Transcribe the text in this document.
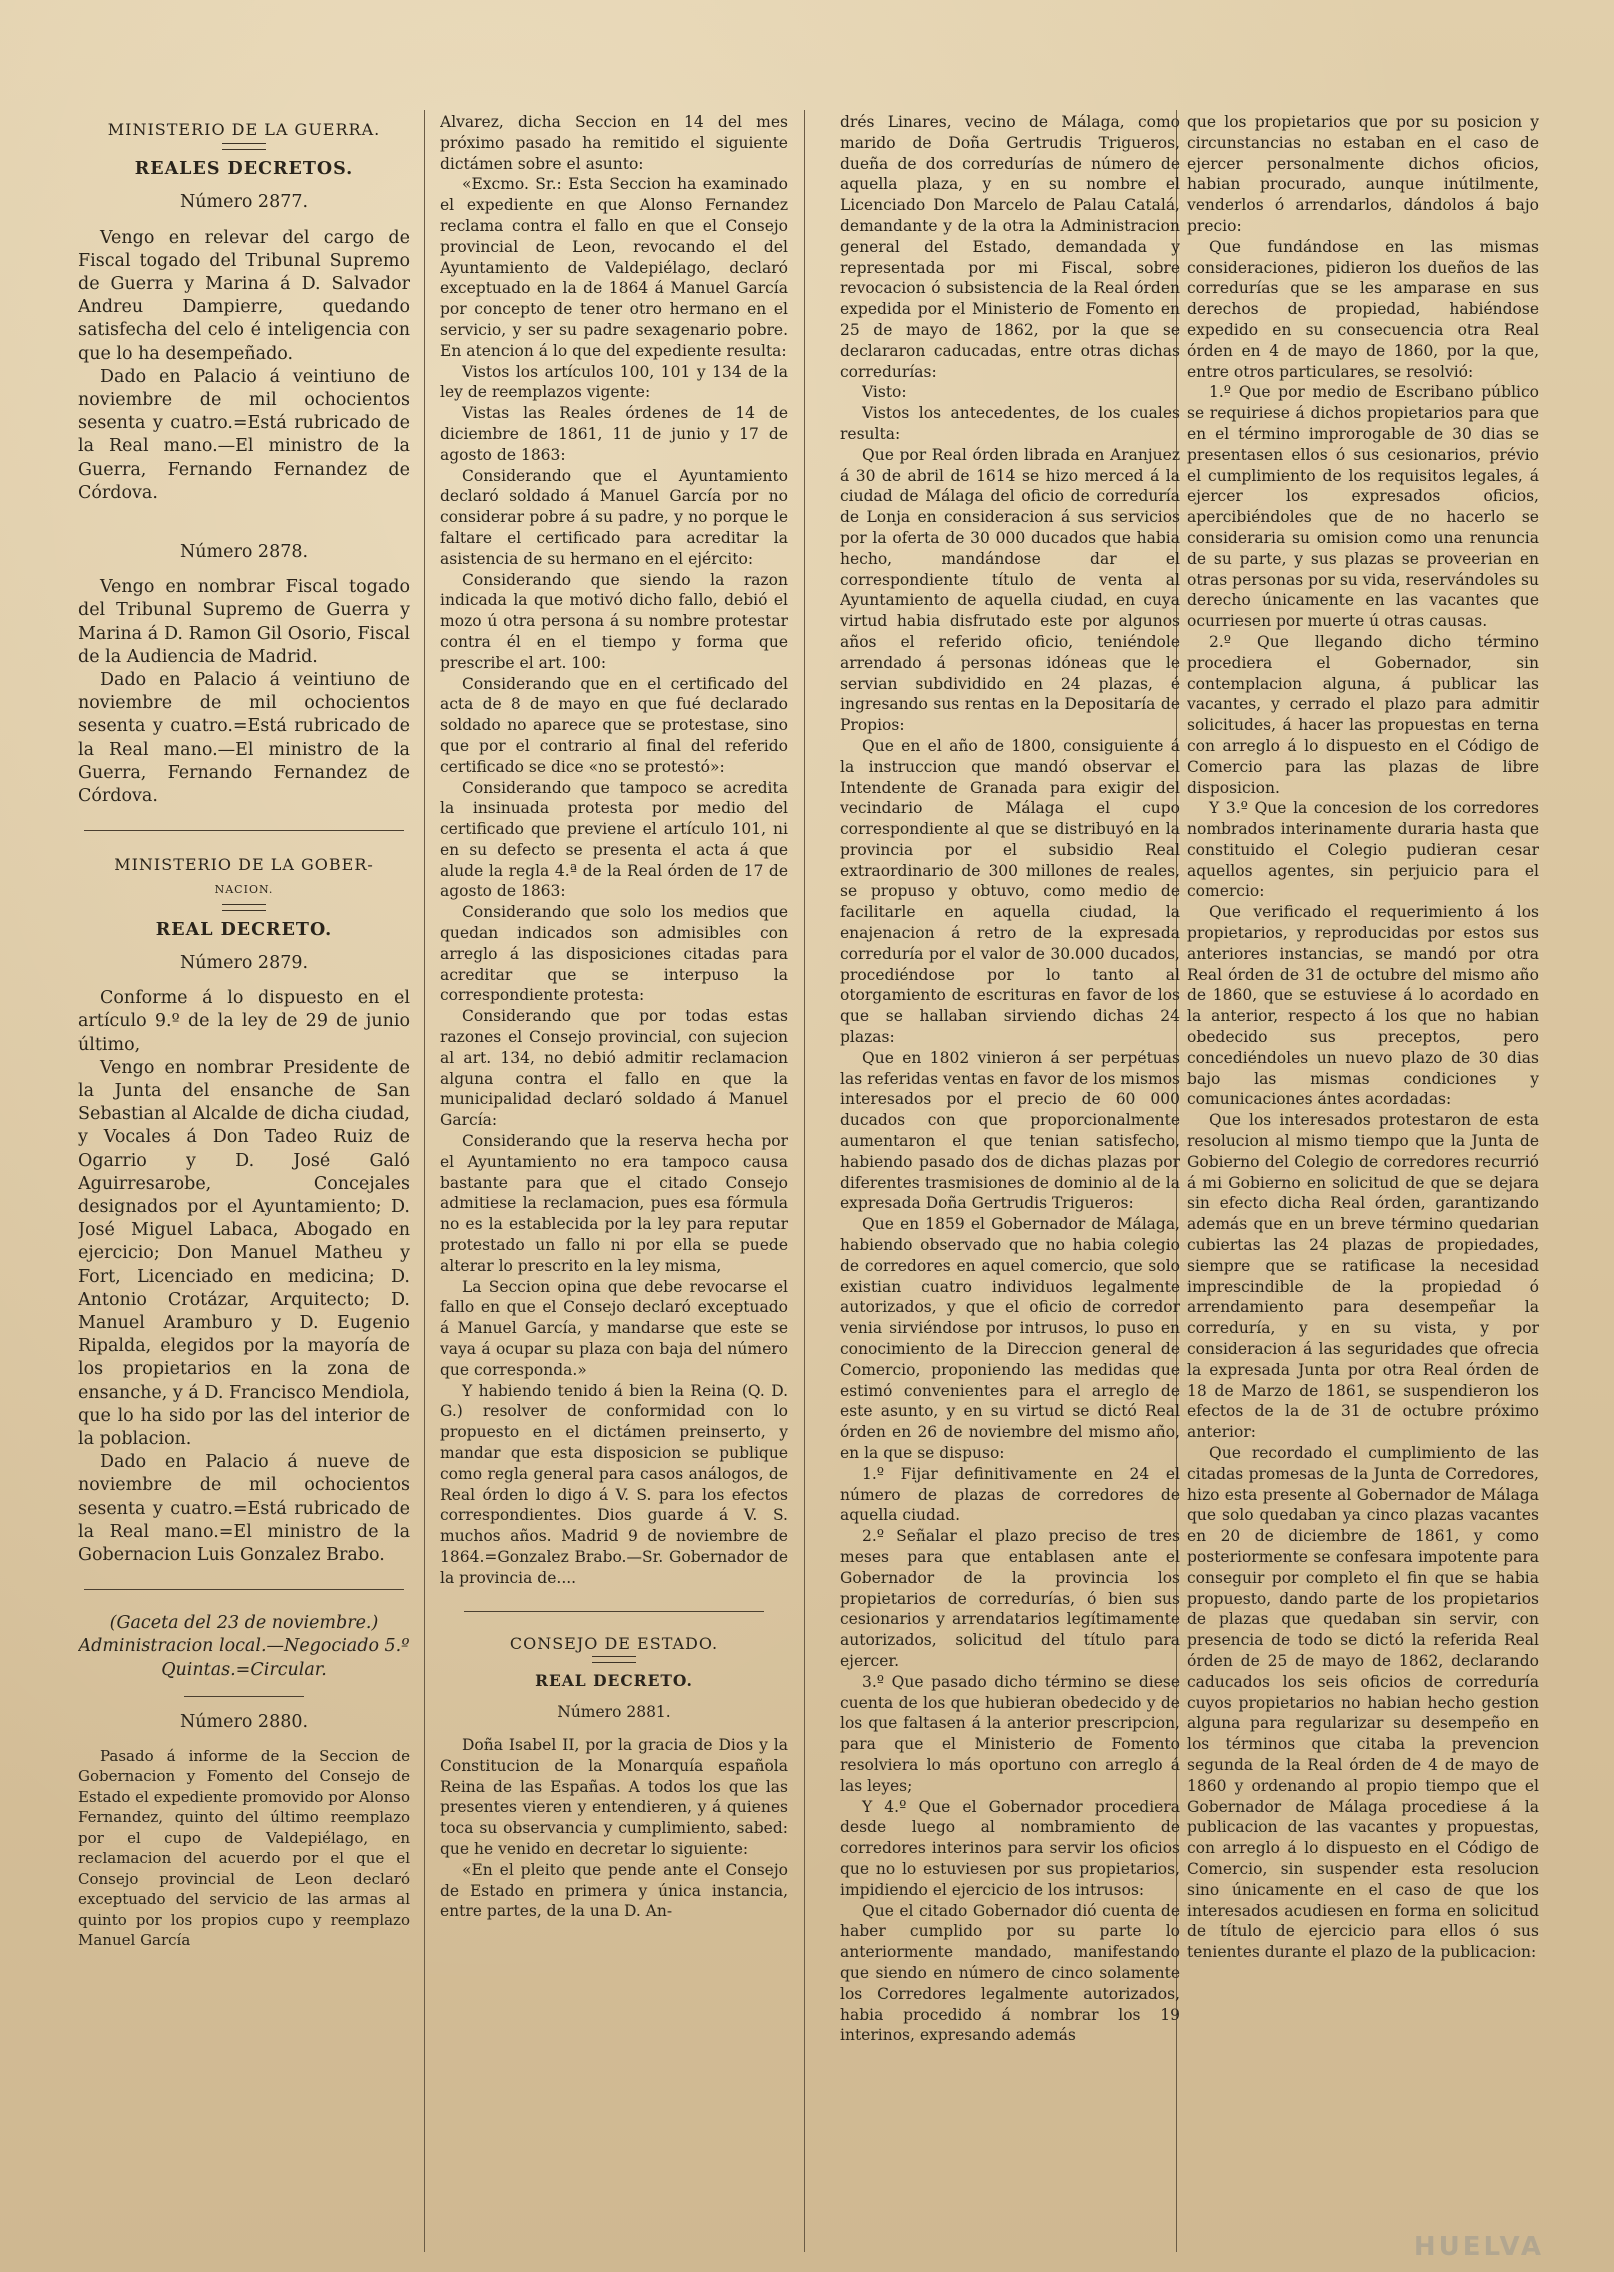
MINISTERIO DE LA GUERRA.

REALES DECRETOS.

Número 2877.

Vengo en relevar del cargo de Fiscal togado del Tribunal Supremo de Guerra y Marina á D. Salvador Andreu Dampierre, quedando satisfecha del celo é inteligencia con que lo ha desempeñado.

Dado en Palacio á veintiuno de noviembre de mil ochocientos sesenta y cuatro.=Está rubricado de la Real mano.—El ministro de la Guerra, Fernando Fernandez de Córdova.

Número 2878.

Vengo en nombrar Fiscal togado del Tribunal Supremo de Guerra y Marina á D. Ramon Gil Osorio, Fiscal de la Audiencia de Madrid.

Dado en Palacio á veintiuno de noviembre de mil ochocientos sesenta y cuatro.=Está rubricado de la Real mano.—El ministro de la Guerra, Fernando Fernandez de Córdova.

MINISTERIO DE LA GOBER-
NACION.

REAL DECRETO.

Número 2879.

Conforme á lo dispuesto en el artículo 9.º de la ley de 29 de junio último,

Vengo en nombrar Presidente de la Junta del ensanche de San Sebastian al Alcalde de dicha ciudad, y Vocales á Don Tadeo Ruiz de Ogarrio y D. José Galó Aguirresarobe, Concejales designados por el Ayuntamiento; D. José Miguel Labaca, Abogado en ejercicio; Don Manuel Matheu y Fort, Licenciado en medicina; D. Antonio Crotázar, Arquitecto; D. Manuel Aramburo y D. Eugenio Ripalda, elegidos por la mayoría de los propietarios en la zona de ensanche, y á D. Francisco Mendiola, que lo ha sido por las del interior de la poblacion.

Dado en Palacio á nueve de noviembre de mil ochocientos sesenta y cuatro.=Está rubricado de la Real mano.=El ministro de la Gobernacion Luis Gonzalez Brabo.

(Gaceta del 23 de noviembre.)

Administracion local.—Negociado 5.º Quintas.=Circular.

Número 2880.

Pasado á informe de la Seccion de Gobernacion y Fomento del Consejo de Estado el expediente promovido por Alonso Fernandez, quinto del último reemplazo por el cupo de Valdepiélago, en reclamacion del acuerdo por el que el Consejo provincial de Leon declaró exceptuado del servicio de las armas al quinto por los propios cupo y reemplazo Manuel García

Alvarez, dicha Seccion en 14 del mes próximo pasado ha remitido el siguiente dictámen sobre el asunto:

«Excmo. Sr.: Esta Seccion ha examinado el expediente en que Alonso Fernandez reclama contra el fallo en que el Consejo provincial de Leon, revocando el del Ayuntamiento de Valdepiélago, declaró exceptuado en la de 1864 á Manuel García por concepto de tener otro hermano en el servicio, y ser su padre sexagenario pobre. En atencion á lo que del expediente resulta:

Vistos los artículos 100, 101 y 134 de la ley de reemplazos vigente:

Vistas las Reales órdenes de 14 de diciembre de 1861, 11 de junio y 17 de agosto de 1863:

Considerando que el Ayuntamiento declaró soldado á Manuel García por no considerar pobre á su padre, y no porque le faltare el certificado para acreditar la asistencia de su hermano en el ejército:

Considerando que siendo la razon indicada la que motivó dicho fallo, debió el mozo ú otra persona á su nombre protestar contra él en el tiempo y forma que prescribe el art. 100:

Considerando que en el certificado del acta de 8 de mayo en que fué declarado soldado no aparece que se protestase, sino que por el contrario al final del referido certificado se dice «no se protestó»:

Considerando que tampoco se acredita la insinuada protesta por medio del certificado que previene el artículo 101, ni en su defecto se presenta el acta á que alude la regla 4.ª de la Real órden de 17 de agosto de 1863:

Considerando que solo los medios que quedan indicados son admisibles con arreglo á las disposiciones citadas para acreditar que se interpuso la correspondiente protesta:

Considerando que por todas estas razones el Consejo provincial, con sujecion al art. 134, no debió admitir reclamacion alguna contra el fallo en que la municipalidad declaró soldado á Manuel García:

Considerando que la reserva hecha por el Ayuntamiento no era tampoco causa bastante para que el citado Consejo admitiese la reclamacion, pues esa fórmula no es la establecida por la ley para reputar protestado un fallo ni por ella se puede alterar lo prescrito en la ley misma,

La Seccion opina que debe revocarse el fallo en que el Consejo declaró exceptuado á Manuel García, y mandarse que este se vaya á ocupar su plaza con baja del número que corresponda.»

Y habiendo tenido á bien la Reina (Q. D. G.) resolver de conformidad con lo propuesto en el dictámen preinserto, y mandar que esta disposicion se publique como regla general para casos análogos, de Real órden lo digo á V. S. para los efectos correspondientes. Dios guarde á V. S. muchos años. Madrid 9 de noviembre de 1864.=Gonzalez Brabo.—Sr. Gobernador de la provincia de....

CONSEJO DE ESTADO.

REAL DECRETO.

Número 2881.

Doña Isabel II, por la gracia de Dios y la Constitucion de la Monarquía española Reina de las Españas. A todos los que las presentes vieren y entendieren, y á quienes toca su observancia y cumplimiento, sabed: que he venido en decretar lo siguiente:

«En el pleito que pende ante el Consejo de Estado en primera y única instancia, entre partes, de la una D. An-

drés Linares, vecino de Málaga, como marido de Doña Gertrudis Trigueros, dueña de dos corredurías de número de aquella plaza, y en su nombre el Licenciado Don Marcelo de Palau Catalá, demandante y de la otra la Administracion general del Estado, demandada y representada por mi Fiscal, sobre revocacion ó subsistencia de la Real órden expedida por el Ministerio de Fomento en 25 de mayo de 1862, por la que se declararon caducadas, entre otras dichas corredurías:

Visto:

Vistos los antecedentes, de los cuales resulta:

Que por Real órden librada en Aranjuez á 30 de abril de 1614 se hizo merced á la ciudad de Málaga del oficio de correduría de Lonja en consideracion á sus servicios por la oferta de 30 000 ducados que habia hecho, mandándose dar el correspondiente título de venta al Ayuntamiento de aquella ciudad, en cuya virtud habia disfrutado este por algunos años el referido oficio, teniéndole arrendado á personas idóneas que le servian subdividido en 24 plazas, é ingresando sus rentas en la Depositaría de Propios:

Que en el año de 1800, consiguiente á la instruccion que mandó observar el Intendente de Granada para exigir del vecindario de Málaga el cupo correspondiente al que se distribuyó en la provincia por el subsidio Real extraordinario de 300 millones de reales, se propuso y obtuvo, como medio de facilitarle en aquella ciudad, la enajenacion á retro de la expresada correduría por el valor de 30.000 ducados, procediéndose por lo tanto al otorgamiento de escrituras en favor de los que se hallaban sirviendo dichas 24 plazas:

Que en 1802 vinieron á ser perpétuas las referidas ventas en favor de los mismos interesados por el precio de 60 000 ducados con que proporcionalmente aumentaron el que tenian satisfecho, habiendo pasado dos de dichas plazas por diferentes trasmisiones de dominio al de la expresada Doña Gertrudis Trigueros:

Que en 1859 el Gobernador de Málaga, habiendo observado que no habia colegio de corredores en aquel comercio, que solo existian cuatro individuos legalmente autorizados, y que el oficio de corredor venia sirviéndose por intrusos, lo puso en conocimiento de la Direccion general de Comercio, proponiendo las medidas que estimó convenientes para el arreglo de este asunto, y en su virtud se dictó Real órden en 26 de noviembre del mismo año, en la que se dispuso:

1.º Fijar definitivamente en 24 el número de plazas de corredores de aquella ciudad.

2.º Señalar el plazo preciso de tres meses para que entablasen ante el Gobernador de la provincia los propietarios de corredurías, ó bien sus cesionarios y arrendatarios legítimamente autorizados, solicitud del título para ejercer.

3.º Que pasado dicho término se diese cuenta de los que hubieran obedecido y de los que faltasen á la anterior prescripcion, para que el Ministerio de Fomento resolviera lo más oportuno con arreglo á las leyes;

Y 4.º Que el Gobernador procediera desde luego al nombramiento de corredores interinos para servir los oficios que no lo estuviesen por sus propietarios, impidiendo el ejercicio de los intrusos:

Que el citado Gobernador dió cuenta de haber cumplido por su parte lo anteriormente mandado, manifestando que siendo en número de cinco solamente los Corredores legalmente autorizados, habia procedido á nombrar los 19 interinos, expresando además

que los propietarios que por su posicion y circunstancias no estaban en el caso de ejercer personalmente dichos oficios, habian procurado, aunque inútilmente, venderlos ó arrendarlos, dándolos á bajo precio:

Que fundándose en las mismas consideraciones, pidieron los dueños de las corredurías que se les amparase en sus derechos de propiedad, habiéndose expedido en su consecuencia otra Real órden en 4 de mayo de 1860, por la que, entre otros particulares, se resolvió:

1.º Que por medio de Escribano público se requiriese á dichos propietarios para que en el término improrogable de 30 dias se presentasen ellos ó sus cesionarios, prévio el cumplimiento de los requisitos legales, á ejercer los expresados oficios, apercibiéndoles que de no hacerlo se consideraria su omision como una renuncia de su parte, y sus plazas se proveerian en otras personas por su vida, reservándoles su derecho únicamente en las vacantes que ocurriesen por muerte ú otras causas.

2.º Que llegando dicho término procediera el Gobernador, sin contemplacion alguna, á publicar las vacantes, y cerrado el plazo para admitir solicitudes, á hacer las propuestas en terna con arreglo á lo dispuesto en el Código de Comercio para las plazas de libre disposicion.

Y 3.º Que la concesion de los corredores nombrados interinamente duraria hasta que constituido el Colegio pudieran cesar aquellos agentes, sin perjuicio para el comercio:

Que verificado el requerimiento á los propietarios, y reproducidas por estos sus anteriores instancias, se mandó por otra Real órden de 31 de octubre del mismo año de 1860, que se estuviese á lo acordado en la anterior, respecto á los que no habian obedecido sus preceptos, pero concediéndoles un nuevo plazo de 30 dias bajo las mismas condiciones y comunicaciones ántes acordadas:

Que los interesados protestaron de esta resolucion al mismo tiempo que la Junta de Gobierno del Colegio de corredores recurrió á mi Gobierno en solicitud de que se dejara sin efecto dicha Real órden, garantizando además que en un breve término quedarian cubiertas las 24 plazas de propiedades, siempre que se ratificase la necesidad imprescindible de la propiedad ó arrendamiento para desempeñar la correduría, y en su vista, y por consideracion á las seguridades que ofrecia la expresada Junta por otra Real órden de 18 de Marzo de 1861, se suspendieron los efectos de la de 31 de octubre próximo anterior:

Que recordado el cumplimiento de las citadas promesas de la Junta de Corredores, hizo esta presente al Gobernador de Málaga que solo quedaban ya cinco plazas vacantes en 20 de diciembre de 1861, y como posteriormente se confesara impotente para conseguir por completo el fin que se habia propuesto, dando parte de los propietarios de plazas que quedaban sin servir, con presencia de todo se dictó la referida Real órden de 25 de mayo de 1862, declarando caducados los seis oficios de correduría cuyos propietarios no habian hecho gestion alguna para regularizar su desempeño en los términos que citaba la prevencion segunda de la Real órden de 4 de mayo de 1860 y ordenando al propio tiempo que el Gobernador de Málaga procediese á la publicacion de las vacantes y propuestas, con arreglo á lo dispuesto en el Código de Comercio, sin suspender esta resolucion sino únicamente en el caso de que los interesados acudiesen en forma en solicitud de título de ejercicio para ellos ó sus tenientes durante el plazo de la publicacion:

HUELVA
